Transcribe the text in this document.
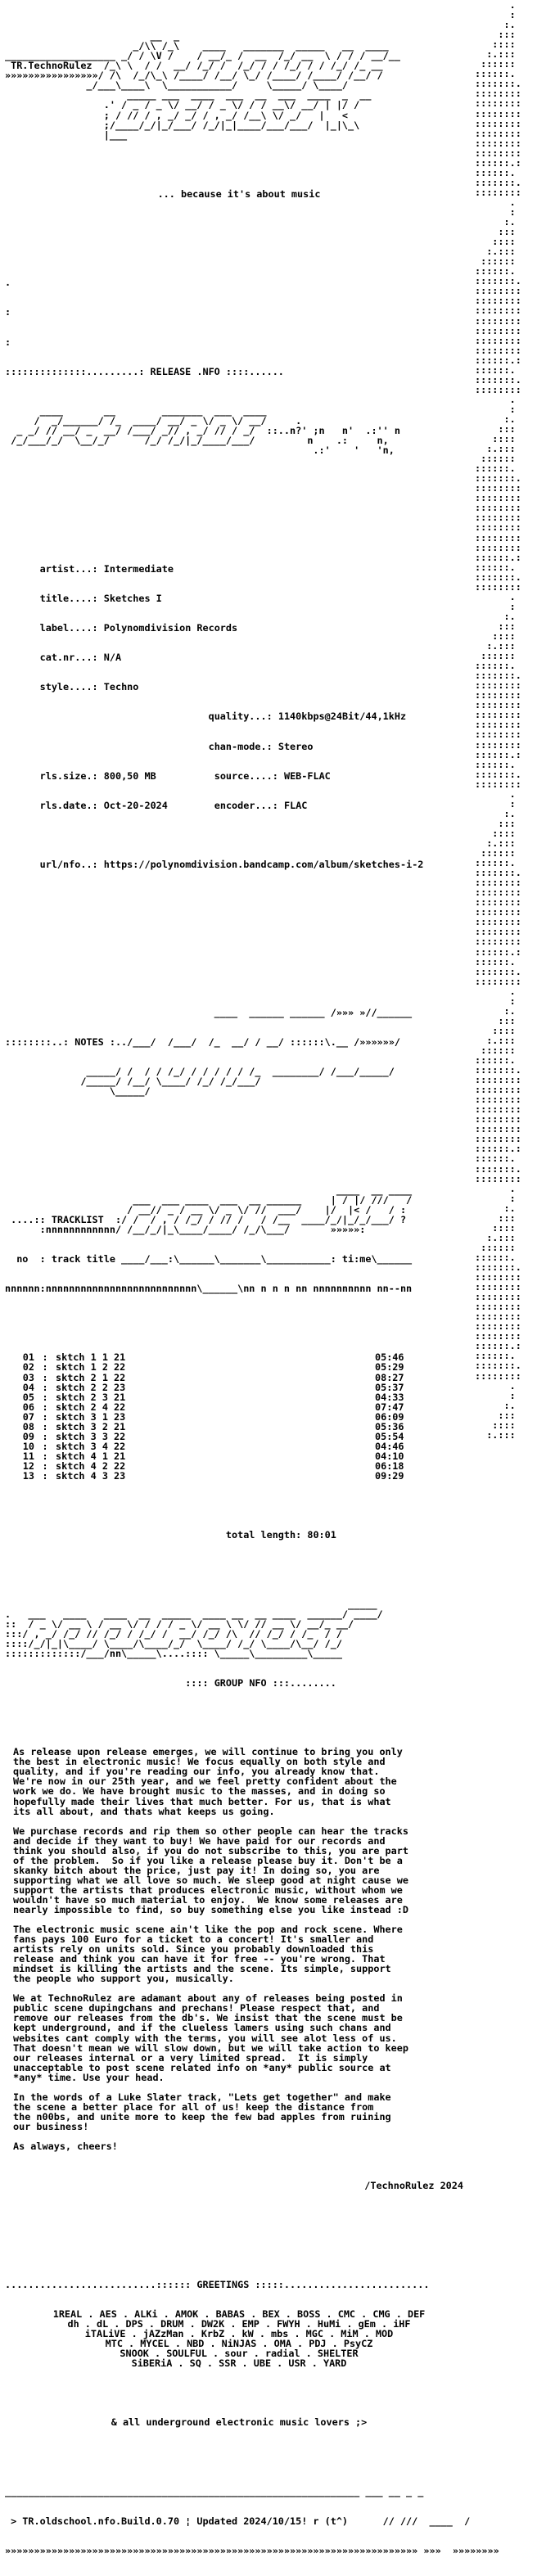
__  _
_/\\ /_\    ____   _______  _____   __  ____
___________________ _/ / \V /    / __/_ /  __  /_/ __  \ / / / __/__
TR.TechnoRulez  /_\ \  / /  __/ /_/ /  /_/ / / /_/ / / /_/ /_ __
»»»»»»»»»»»»»»»»/ /\  /_/\_\ /____/ /__/ \_/ /____/ /____/ /__/ /
_/___\____\  \___________/     \_____/ \____/
_____ ___  ____  ___  __  ___  ____  _  __
.' / _ / _ \/ __/ / _ \/ / / __\/ __/ | |/ /
; / // / , _/ _/ / , _/ /__\ \/ _/   |   <
;/____/_/|_/___/ /_/|_|____/___/___/  |_|\_\
|___

... because it's about music

.

:

:

::::::::::::::.........: RELEASE .NFO ::::......

____       __        _______  ___  ____
/  _/______/ /_  ____/ __/ _ \/ _ \/ __/     .
_ _/ // __/ _  __/ /___/ _// , _/ // / _/  ::..n?' ;n   n'  .:'' n
/_/___/_/  \__/_/      /_/ /_/|_/____/___/         n    .:     n,
.:'    '   'n,

artist...: Intermediate

title....: Sketches I

label....: Polynomdivision Records

cat.nr...: N/A

style....: Techno

quality...: 1140kbps@24Bit/44,1kHz

chan-mode.: Stereo

rls.size.: 800,50 MB	source....: WEB-FLAC

rls.date.: Oct-20-2024	encoder...: FLAC

url/nfo..: https://polynomdivision.bandcamp.com/album/sketches-i-2

____  ______ ______ /»»» »//______

::::::::..: NOTES :../___/  /___/  /_  __/ / __/ ::::::\.__ /»»»»»»/

_____/ /  / / /_/ / / / / / /_  ________/ /___/_____/
/_____/ /__/ \____/ /_/ /_/___/
\_____/

____  __ ____
___  ___ ____  ___  __ ______     | / |/ ///   /
/ __// _ / __ \/ _ \/ //  ___/    |/  |< /   / :
....:: TRACKLIST  :/ /  / , / /_/ / // /   / /__  ____/_/|_/_/___/ ?
:nnnnnnnnnnnn/ /__/_/|_\____/____/ /_/\___/       »»»»»:

no  : track title ____/___:\______\_______\___________: ti:me\______

nnnnnn:nnnnnnnnnnnnnnnnnnnnnnnnnn\______\nn n n n nn nnnnnnnnnn nn--nn

01 : sktch 1 1 21	05:46
02 : sktch 1 2 22	05:29
03 : sktch 2 1 22	08:27
04 : sktch 2 2 23	05:37
05 : sktch 2 3 21	04:33
06 : sktch 2 4 22	07:47
07 : sktch 3 1 23	06:09
08 : sktch 3 2 21	05:36
09 : sktch 3 3 22	05:54
10 : sktch 3 4 22	04:46
11 : sktch 4 1 21	04:10
12 : sktch 4 2 22	06:18
13 : sktch 4 3 23	09:29

total length: 80:01

_____
.   ___   ____   ____  __  _____  ____ __  __ ____  ______/ ____/
::  / _ \/ __ \ / __ \/ / / / _ \/ __ \ \/ // __ \/ __/_ __/
:::/ , _/ /_/ // /_/ / /_/ /  __/ /_/ /\  // /_/ / /_  / /
::::/_/|_|\____/ \____/\____/_/  \____/ /_/ \____/\__/ /_/
:::::::::::::/___/nn\_____\....:::: \_____\_________\_____

:::: GROUP NFO :::........

As release upon release emerges, we will continue to bring you only
the best in electronic music! We focus equally on both style and
quality, and if you're reading our info, you already know that.
We're now in our 25th year, and we feel pretty confident about the
work we do. We have brought music to the masses, and in doing so
hopefully made their lives that much better. For us, that is what
its all about, and thats what keeps us going.
We purchase records and rip them so other people can hear the tracks
and decide if they want to buy! We have paid for our records and
think you should also, if you do not subscribe to this, you are part
of the problem.  So if you like a release please buy it. Don't be a
skanky bitch about the price, just pay it! In doing so, you are
supporting what we all love so much. We sleep good at night cause we
support the artists that produces electronic music, without whom we
wouldn't have so much material to enjoy.  We know some releases are
nearly impossible to find, so buy something else you like instead :D
The electronic music scene ain't like the pop and rock scene. Where
fans pays 100 Euro for a ticket to a concert! It's smaller and
artists rely on units sold. Since you probably downloaded this
release and think you can have it for free -- you're wrong. That
mindset is killing the artists and the scene. Its simple, support
the people who support you, musically.
We at TechnoRulez are adamant about any of releases being posted in
public scene dupingchans and prechans! Please respect that, and
remove our releases from the db's. We insist that the scene must be
kept underground, and if the clueless lamers using such chans and
websites cant comply with the terms, you will see alot less of us.
That doesn't mean we will slow down, but we will take action to keep
our releases internal or a very limited spread.  It is simply
unacceptable to post scene related info on *any* public source at
*any* time. Use your head.
In the words of a Luke Slater track, "Lets get together" and make
the scene a better place for all of us! keep the distance from
the n00bs, and unite more to keep the few bad apples from ruining
our business!
As always, cheers!

/TechnoRulez 2024

..........................:::::: GREETINGS :::::.........................

1REAL . AES . ALKi . AMOK . BABAS . BEX . BOSS . CMC . CMG . DEF
dh . dL . DPS . DRUM . DW2K . EMP . FWYH . HuMi . gEm . iHF
iTALiVE . jAZzMan . KrbZ . kW . mbs . MGC . MiM . MOD
MTC . MYCEL . NBD . NiNJAS . OMA . PDJ . PsyCZ
SNOOK . SOULFUL . sour . radial . SHELTER
SiBERiA . SQ . SSR . UBE . USR . YARD

& all underground electronic music lovers ;>

_____________________________________________________________ ___ __ _ _

> TR.oldschool.nfo.Build.0.70 ¦ Updated 2024/10/15! r (t^)      // ///  ____  /

»»»»»»»»»»»»»»»»»»»»»»»»»»»»»»»»»»»»»»»»»»»»»»»»»»»»»»»»»»»»»»»»»»»»»»» »»»  »»»»»»»»

.
:
:.
:::
::::
:.:::
::::::
::::::.
:::::::.
::::::::
::::::::
::::::::
::::::::
::::::::
::::::::
::::::::
::::::.:
::::::.
:::::::.
::::::::
.
:
:.
:::
::::
:.:::
::::::
::::::.
:::::::.
::::::::
::::::::
::::::::
::::::::
::::::::
::::::::
::::::::
::::::.:
::::::.
:::::::.
::::::::
.
:
:.
:::
::::
:.:::
::::::
::::::.
:::::::.
::::::::
::::::::
::::::::
::::::::
::::::::
::::::::
::::::::
::::::.:
::::::.
:::::::.
::::::::
.
:
:.
:::
::::
:.:::
::::::
::::::.
:::::::.
::::::::
::::::::
::::::::
::::::::
::::::::
::::::::
::::::::
::::::.:
::::::.
:::::::.
::::::::
.
:
:.
:::
::::
:.:::
::::::
::::::.
:::::::.
::::::::
::::::::
::::::::
::::::::
::::::::
::::::::
::::::::
::::::.:
::::::.
:::::::.
::::::::
.
:
:.
:::
::::
:.:::
::::::
::::::.
:::::::.
::::::::
::::::::
::::::::
::::::::
::::::::
::::::::
::::::::
::::::.:
::::::.
:::::::.
::::::::
.
:
:.
:::
::::
:.:::
::::::
::::::.
:::::::.
::::::::
::::::::
::::::::
::::::::
::::::::
::::::::
::::::::
::::::.:
::::::.
:::::::.
::::::::
.
:
:.
:::
::::
:.:::
